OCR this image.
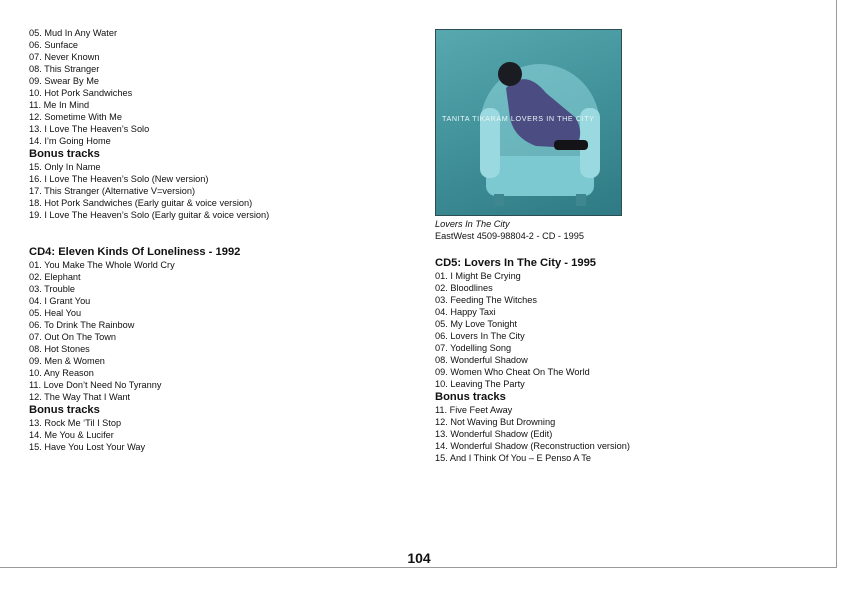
05. Mud In Any Water
06. Sunface
07. Never Known
08. This Stranger
09. Swear By Me
10. Hot Pork Sandwiches
11. Me In Mind
12. Sometime With Me
13. I Love The Heaven’s Solo
14. I’m Going Home
Bonus tracks
15. Only In Name
16. I Love The Heaven’s Solo (New version)
17. This Stranger (Alternative V=version)
18. Hot Pork Sandwiches (Early guitar & voice version)
19. I Love The Heaven’s Solo (Early guitar & voice version)
CD4: Eleven Kinds Of Loneliness - 1992
01. You Make The Whole World Cry
02. Elephant
03. Trouble
04. I Grant You
05. Heal You
06. To Drink The Rainbow
07. Out On The Town
08. Hot Stones
09. Men & Women
10. Any Reason
11. Love Don’t Need No Tyranny
12. The Way That I Want
Bonus tracks
13. Rock Me ‘Til I Stop
14. Me You & Lucifer
15. Have You Lost Your Way
TANITA TIKARAM LOVERS IN THE CITY
Lovers In The City
EastWest 4509-98804-2 - CD - 1995
CD5: Lovers In The City - 1995
01. I Might Be Crying
02. Bloodlines
03. Feeding The Witches
04. Happy Taxi
05. My Love Tonight
06. Lovers In The City
07. Yodelling Song
08. Wonderful Shadow
09. Women Who Cheat On The World
10. Leaving The Party
Bonus tracks
11. Five Feet Away
12. Not Waving But Drowning
13. Wonderful Shadow (Edit)
14. Wonderful Shadow (Reconstruction version)
15. And I Think Of You – E Penso A Te
104
